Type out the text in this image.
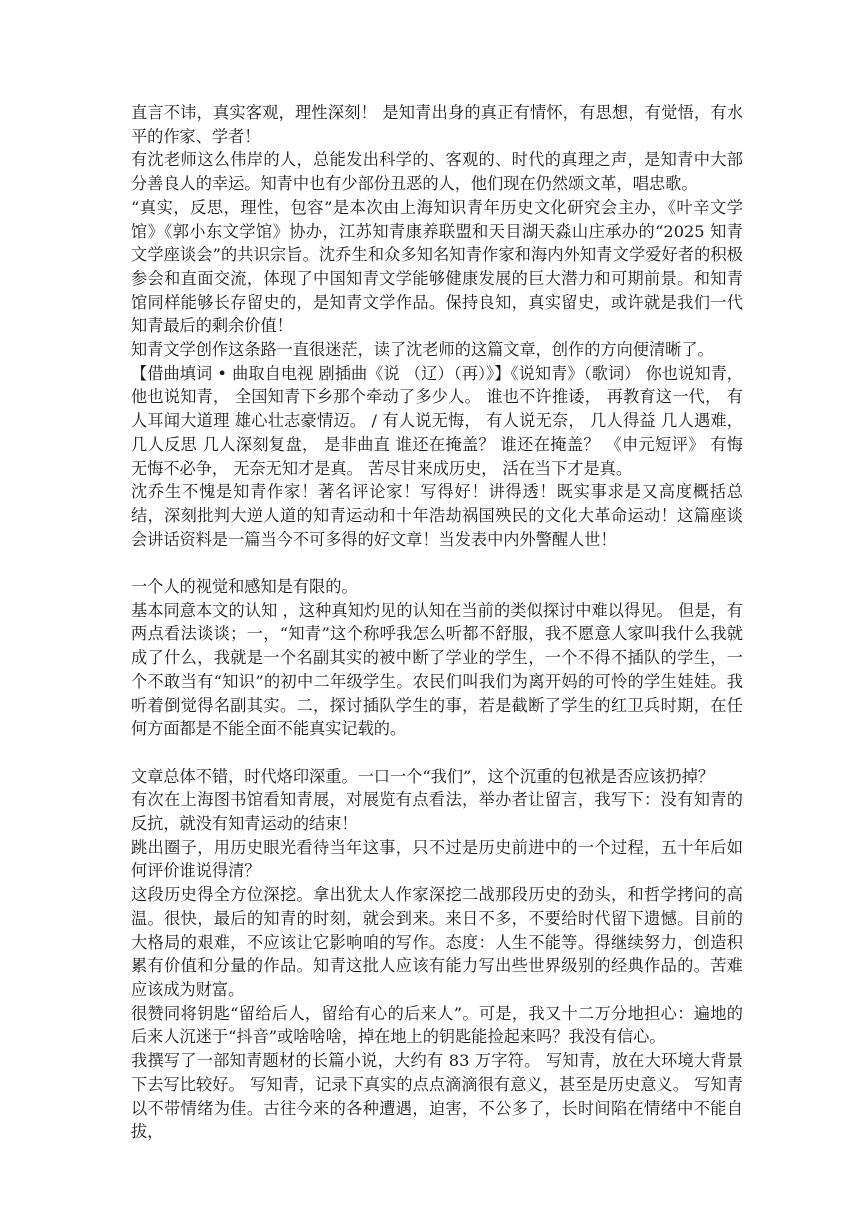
直言不讳，真实客观，理性深刻！ 是知青出身的真正有情怀，有思想，有觉悟，有水平的作家、学者！

有沈老师这么伟岸的人，总能发出科学的、客观的、时代的真理之声，是知青中大部分善良人的幸运。知青中也有少部份丑恶的人，他们现在仍然颂文革，唱忠歌。

“真实，反思，理性，包容”是本次由上海知识青年历史文化研究会主办，《叶辛文学馆》《郭小东文学馆》协办，江苏知青康养联盟和天目湖天淼山庄承办的“2025 知青文学座谈会”的共识宗旨。沈乔生和众多知名知青作家和海内外知青文学爱好者的积极参会和直面交流，体现了中国知青文学能够健康发展的巨大潜力和可期前景。和知青馆同样能够长存留史的，是知青文学作品。保持良知，真实留史，或许就是我们一代知青最后的剩余价值！

知青文学创作这条路一直很迷茫，读了沈老师的这篇文章，创作的方向便清晰了。

【借曲填词 • 曲取自电视 剧插曲《说 （辽）（再）》】《说知青》（歌词） 你也说知青， 他也说知青， 全国知青下乡那个牵动了多少人。 谁也不许推诿， 再教育这一代， 有人耳闻大道理 雄心壮志豪情迈。 / 有人说无悔， 有人说无奈， 几人得益 几人遇难， 几人反思 几人深刻复盘， 是非曲直 谁还在掩盖？ 谁还在掩盖？ 《申元短评》 有悔无悔不必争， 无奈无知才是真。 苦尽甘来成历史， 活在当下才是真。

沈乔生不愧是知青作家！著名评论家！写得好！讲得透！既实事求是又高度概括总结，深刻批判大逆人道的知青运动和十年浩劫祸国殃民的文化大革命运动！这篇座谈会讲话资料是一篇当今不可多得的好文章！当发表中内外警醒人世！

一个人的视觉和感知是有限的。

基本同意本文的认知 ，这种真知灼见的认知在当前的类似探讨中难以得见。 但是，有两点看法谈谈；一，“知青”这个称呼我怎么听都不舒服，我不愿意人家叫我什么我就成了什么，我就是一个名副其实的被中断了学业的学生，一个不得不插队的学生，一个不敢当有“知识”的初中二年级学生。农民们叫我们为离开妈的可怜的学生娃娃。我听着倒觉得名副其实。二，探讨插队学生的事，若是截断了学生的红卫兵时期，在任何方面都是不能全面不能真实记载的。

文章总体不错，时代烙印深重。一口一个“我们”，这个沉重的包袱是否应该扔掉？

有次在上海图书馆看知青展，对展览有点看法，举办者让留言，我写下：没有知青的反抗，就没有知青运动的结束！

跳出圈子，用历史眼光看待当年这事，只不过是历史前进中的一个过程，五十年后如何评价谁说得清？

这段历史得全方位深挖。拿出犹太人作家深挖二战那段历史的劲头，和哲学拷问的高温。很快，最后的知青的时刻，就会到来。来日不多，不要给时代留下遗憾。目前的大格局的艰难，不应该让它影响咱的写作。态度：人生不能等。得继续努力，创造积累有价值和分量的作品。知青这批人应该有能力写出些世界级别的经典作品的。苦难应该成为财富。

很赞同将钥匙“留给后人，留给有心的后来人”。可是，我又十二万分地担心：遍地的后来人沉迷于“抖音”或啥啥啥，掉在地上的钥匙能捡起来吗？我没有信心。

我撰写了一部知青题材的长篇小说，大约有 83 万字符。 写知青，放在大环境大背景下去写比较好。 写知青，记录下真实的点点滴滴很有意义，甚至是历史意义。 写知青以不带情绪为佳。古往今来的各种遭遇，迫害，不公多了，长时间陷在情绪中不能自拔，
